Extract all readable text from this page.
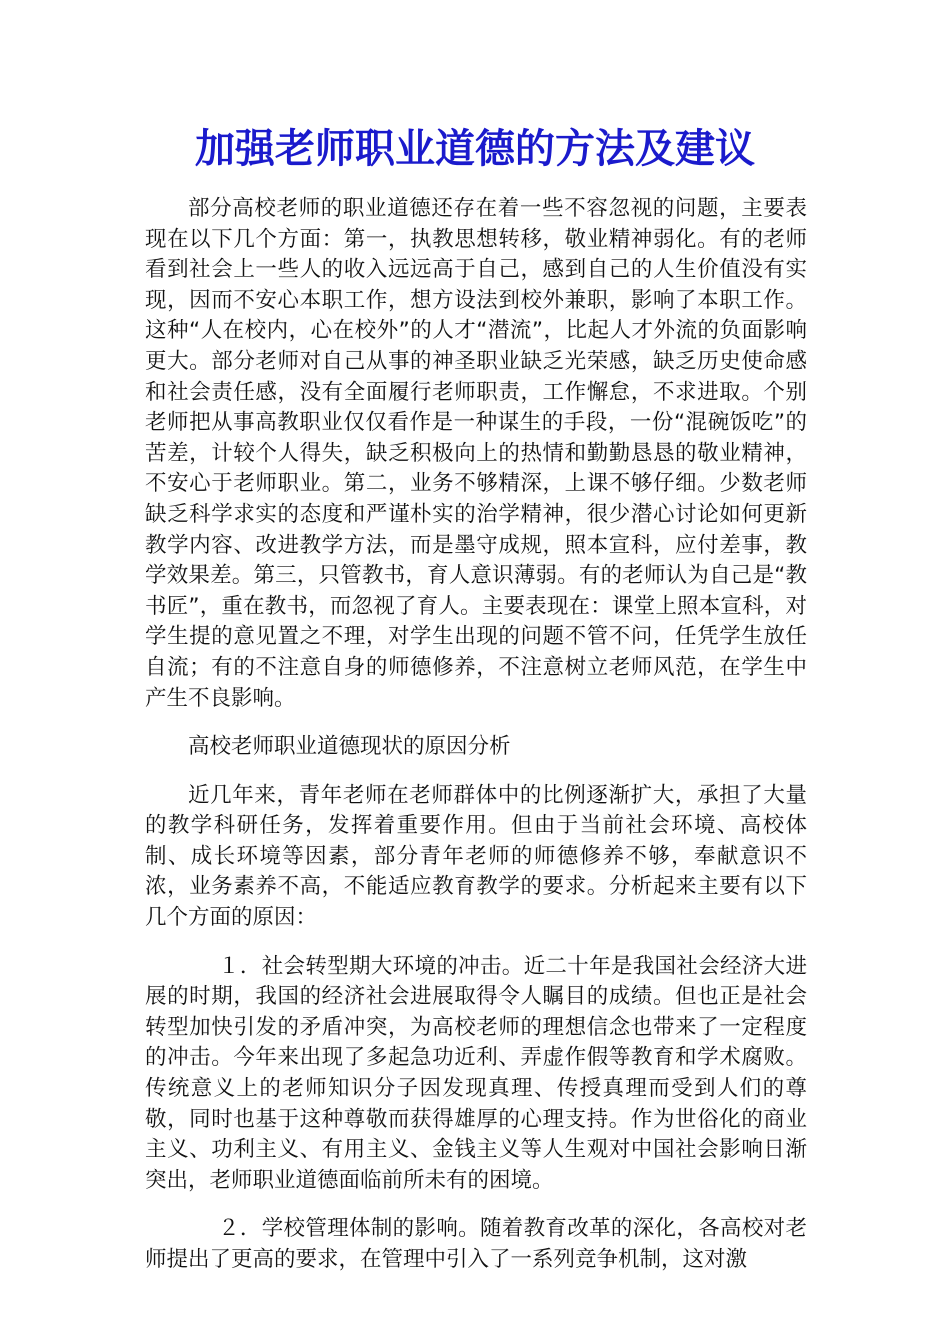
加强老师职业道德的方法及建议

部分高校老师的职业道德还存在着一些不容忽视的问题，主要表现在以下几个方面：第一，执教思想转移，敬业精神弱化。有的老师看到社会上一些人的收入远远高于自己，感到自己的人生价值没有实现，因而不安心本职工作，想方设法到校外兼职，影响了本职工作。这种“人在校内，心在校外”的人才“潜流”，比起人才外流的负面影响更大。部分老师对自己从事的神圣职业缺乏光荣感，缺乏历史使命感和社会责任感，没有全面履行老师职责，工作懈怠，不求进取。个别老师把从事高教职业仅仅看作是一种谋生的手段，一份“混碗饭吃”的苦差，计较个人得失，缺乏积极向上的热情和勤勤恳恳的敬业精神，不安心于老师职业。第二，业务不够精深，上课不够仔细。少数老师缺乏科学求实的态度和严谨朴实的治学精神，很少潜心讨论如何更新教学内容、改进教学方法，而是墨守成规，照本宣科，应付差事，教学效果差。第三，只管教书，育人意识薄弱。有的老师认为自己是“教书匠”，重在教书，而忽视了育人。主要表现在：课堂上照本宣科，对学生提的意见置之不理，对学生出现的问题不管不问，任凭学生放任自流；有的不注意自身的师德修养，不注意树立老师风范，在学生中产生不良影响。

高校老师职业道德现状的原因分析

近几年来，青年老师在老师群体中的比例逐渐扩大，承担了大量的教学科研任务，发挥着重要作用。但由于当前社会环境、高校体制、成长环境等因素，部分青年老师的师德修养不够，奉献意识不浓，业务素养不高，不能适应教育教学的要求。分析起来主要有以下几个方面的原因：

１．社会转型期大环境的冲击。近二十年是我国社会经济大进展的时期，我国的经济社会进展取得令人瞩目的成绩。但也正是社会转型加快引发的矛盾冲突，为高校老师的理想信念也带来了一定程度的冲击。今年来出现了多起急功近利、弄虚作假等教育和学术腐败。传统意义上的老师知识分子因发现真理、传授真理而受到人们的尊敬，同时也基于这种尊敬而获得雄厚的心理支持。作为世俗化的商业主义、功利主义、有用主义、金钱主义等人生观对中国社会影响日渐突出，老师职业道德面临前所未有的困境。

２．学校管理体制的影响。随着教育改革的深化，各高校对老师提出了更高的要求，在管理中引入了一系列竞争机制，这对激
